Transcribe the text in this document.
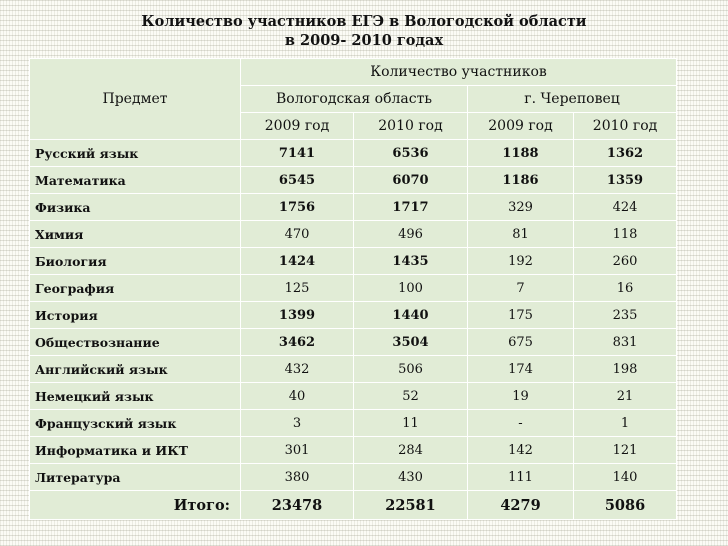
Количество участников ЕГЭ в Вологодской области
в 2009- 2010 годах
Предмет	Количество участников			
	Вологодская область		г. Череповец	
	2009 год	2010 год	2009 год	2010 год
Русский язык	7141	6536	1188	1362
Математика	6545	6070	1186	1359
Физика	1756	1717	329	424
Химия	470	496	81	118
Биология	1424	1435	192	260
География	125	100	7	16
История	1399	1440	175	235
Обществознание	3462	3504	675	831
Английский язык	432	506	174	198
Немецкий язык	40	52	19	21
Французский язык	3	11	-	1
Информатика и ИКТ	301	284	142	121
Литература	380	430	111	140
Итого:	23478	22581	4279	5086
